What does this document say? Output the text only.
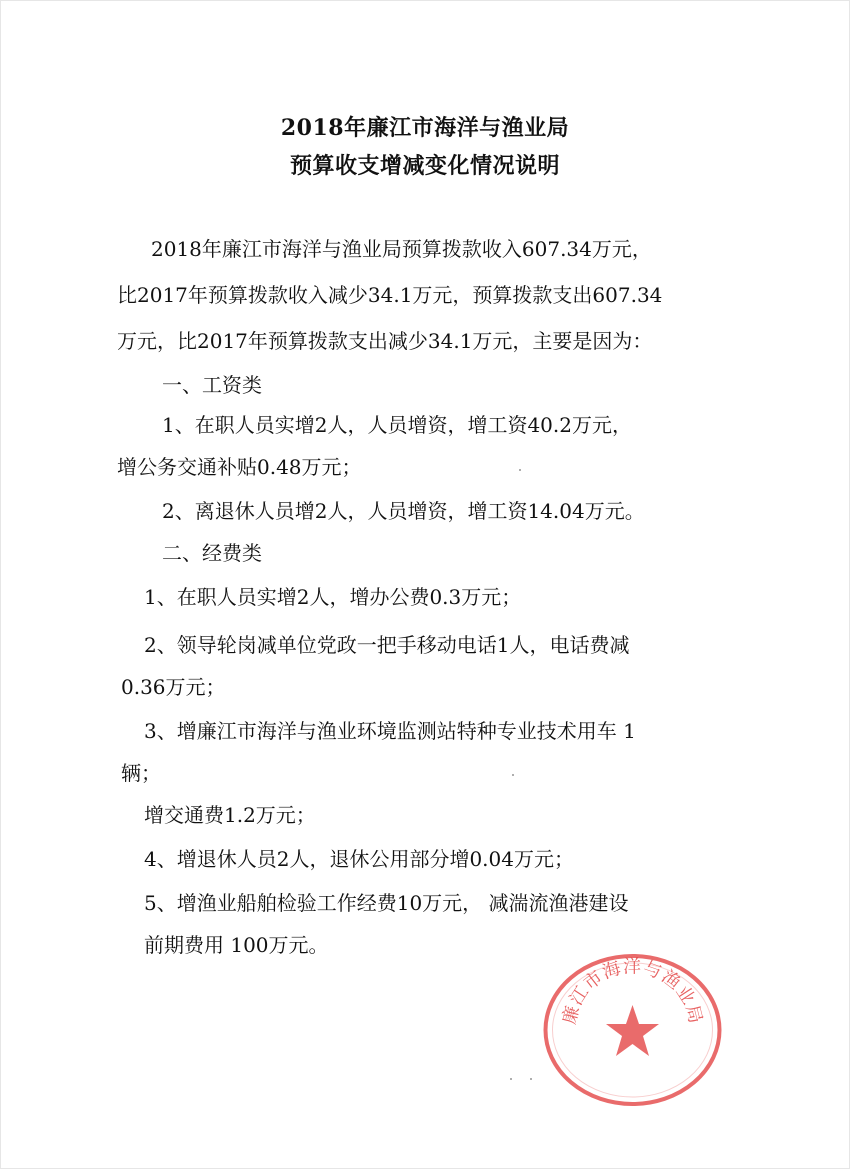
2018年廉江市海洋与渔业局
预算收支增减变化情况说明
2018年廉江市海洋与渔业局预算拨款收入607.34万元，
比2017年预算拨款收入减少34.1万元，预算拨款支出607.34
万元，比2017年预算拨款支出减少34.1万元，主要是因为：
一、工资类
1、在职人员实增2人，人员增资，增工资40.2万元，
增公务交通补贴0.48万元；
2、离退休人员增2人，人员增资，增工资14.04万元。
二、经费类
1、在职人员实增2人，增办公费0.3万元；
2、领导轮岗减单位党政一把手移动电话1人，电话费减
0.36万元；
3、增廉江市海洋与渔业环境监测站特种专业技术用车 1
辆；
增交通费1.2万元；
4、增退休人员2人，退休公用部分增0.04万元；
5、增渔业船舶检验工作经费10万元， 减湍流渔港建设
前期费用 100万元。
廉江市海洋与渔业局
